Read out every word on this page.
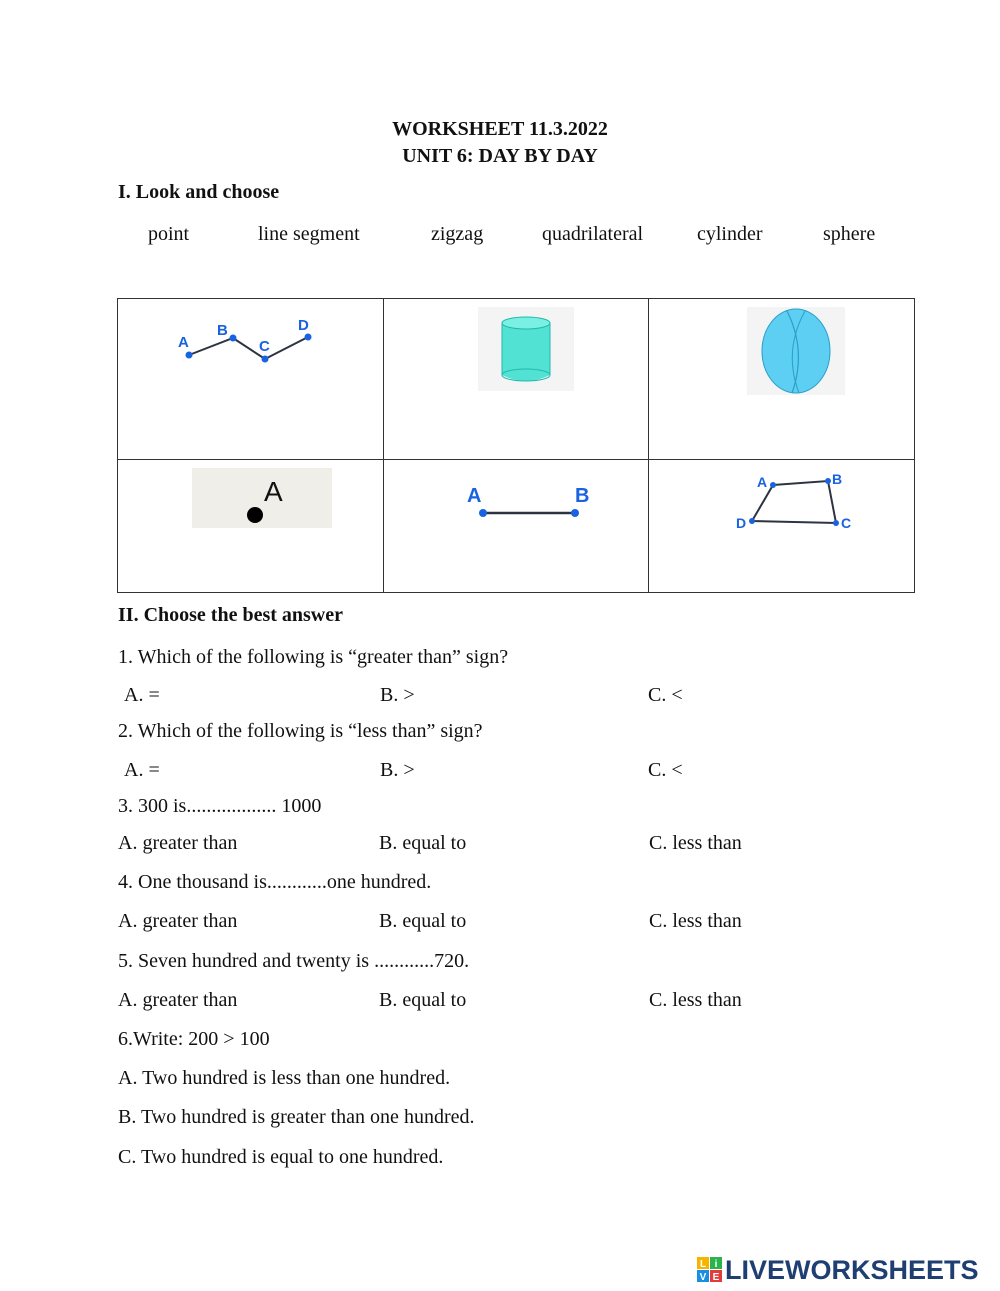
WORKSHEET 11.3.2022
UNIT 6: DAY BY DAY
I. Look and choose
point	line segment	zigzag	quadrilateral	cylinder	sphere
A
B
C
D

A	A B	A B
C
D
II. Choose the best answer
1. Which of the following is “greater than” sign?
A. =	B. >	C. <
2. Which of the following is “less than” sign?
A. =	B. >	C. <
3. 300 is.................. 1000
A. greater than	B. equal to	C. less than
4. One thousand is............one hundred.
A. greater than	B. equal to	C. less than
5. Seven hundred and twenty is ............720.
A. greater than	B. equal to	C. less than
6.Write: 200 > 100
A. Two hundred is less than one hundred.
B. Two hundred is greater than one hundred.
C. Two hundred is equal to one hundred.
L i
V E LIVEWORKSHEETS
